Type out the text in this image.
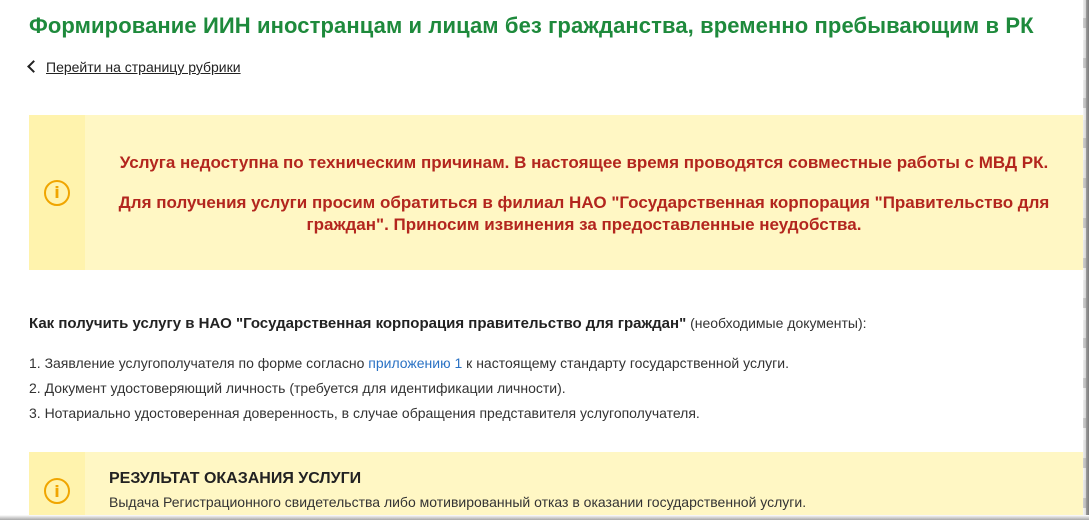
Формирование ИИН иностранцам и лицам без гражданства, временно пребывающим в РК
Перейти на страницу рубрики
i

Услуга недоступна по техническим причинам. В настоящее время проводятся совместные работы с МВД РК.

Для получения услуги просим обратиться в филиал НАО "Государственная корпорация "Правительство для граждан". Приносим извинения за предоставленные неудобства.

Как получить услугу в НАО "Государственная корпорация правительство для граждан" (необходимые документы):
1. Заявление услугополучателя по форме согласно приложению 1 к настоящему стандарту государственной услуги.
2. Документ удостоверяющий личность (требуется для идентификации личности).
3. Нотариально удостоверенная доверенность, в случае обращения представителя услугополучателя.
i
РЕЗУЛЬТАТ ОКАЗАНИЯ УСЛУГИ
Выдача Регистрационного свидетельства либо мотивированный отказ в оказании государственной услуги.
